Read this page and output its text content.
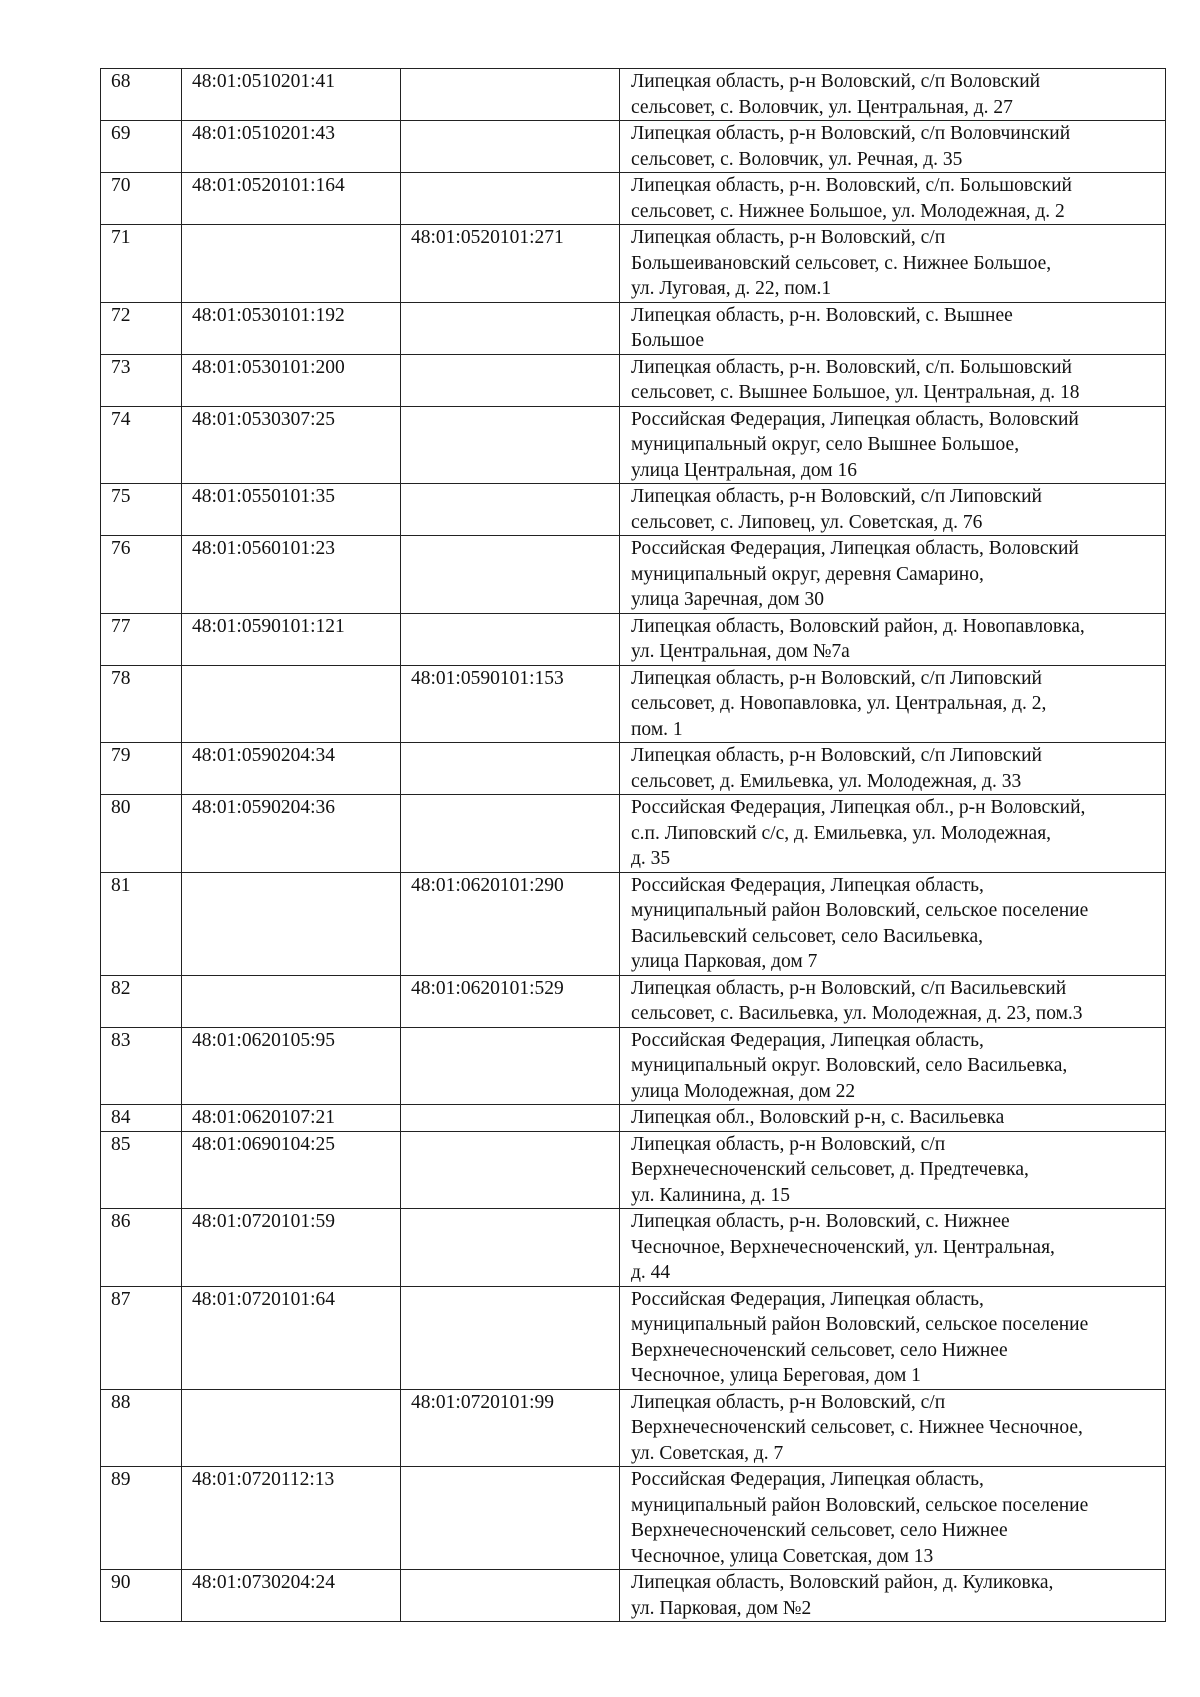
68	48:01:0510201:41		Липецкая область, р-н Воловский, с/п Воловский
сельсовет, с. Воловчик, ул. Центральная, д. 27

69	48:01:0510201:43		Липецкая область, р-н Воловский, с/п Воловчинский
сельсовет, с. Воловчик, ул. Речная, д. 35

70	48:01:0520101:164		Липецкая область, р-н. Воловский, с/п. Большовский
сельсовет, с. Нижнее Большое, ул. Молодежная, д. 2

71		48:01:0520101:271	Липецкая область, р-н Воловский, с/п
Большеивановский сельсовет, с. Нижнее Большое,
ул. Луговая, д. 22, пом.1

72	48:01:0530101:192		Липецкая область, р-н. Воловский, с. Вышнее
Большое

73	48:01:0530101:200		Липецкая область, р-н. Воловский, с/п. Большовский
сельсовет, с. Вышнее Большое, ул. Центральная, д. 18

74	48:01:0530307:25		Российская Федерация, Липецкая область, Воловский
муниципальный округ, село Вышнее Большое,
улица Центральная, дом 16

75	48:01:0550101:35		Липецкая область, р-н Воловский, с/п Липовский
сельсовет, с. Липовец, ул. Советская, д. 76

76	48:01:0560101:23		Российская Федерация, Липецкая область, Воловский
муниципальный округ, деревня Самарино,
улица Заречная, дом 30

77	48:01:0590101:121		Липецкая область, Воловский район, д. Новопавловка,
ул. Центральная, дом №7а

78		48:01:0590101:153	Липецкая область, р-н Воловский, с/п Липовский
сельсовет, д. Новопавловка, ул. Центральная, д. 2,
пом. 1

79	48:01:0590204:34		Липецкая область, р-н Воловский, с/п Липовский
сельсовет, д. Емильевка, ул. Молодежная, д. 33

80	48:01:0590204:36		Российская Федерация, Липецкая обл., р-н Воловский,
с.п. Липовский с/с, д. Емильевка, ул. Молодежная,
д. 35

81		48:01:0620101:290	Российская Федерация, Липецкая область,
муниципальный район Воловский, сельское поселение
Васильевский сельсовет, село Васильевка,
улица Парковая, дом 7

82		48:01:0620101:529	Липецкая область, р-н Воловский, с/п Васильевский
сельсовет, с. Васильевка, ул. Молодежная, д. 23, пом.3

83	48:01:0620105:95		Российская Федерация, Липецкая область,
муниципальный округ. Воловский, село Васильевка,
улица Молодежная, дом 22

84	48:01:0620107:21		Липецкая обл., Воловский р-н, с. Васильевка

85	48:01:0690104:25		Липецкая область, р-н Воловский, с/п
Верхнечесноченский сельсовет, д. Предтечевка,
ул. Калинина, д. 15

86	48:01:0720101:59		Липецкая область, р-н. Воловский, с. Нижнее
Чесночное, Верхнечесноченский, ул. Центральная,
д. 44

87	48:01:0720101:64		Российская Федерация, Липецкая область,
муниципальный район Воловский, сельское поселение
Верхнечесноченский сельсовет, село Нижнее
Чесночное, улица Береговая, дом 1

88		48:01:0720101:99	Липецкая область, р-н Воловский, с/п
Верхнечесноченский сельсовет, с. Нижнее Чесночное,
ул. Советская, д. 7

89	48:01:0720112:13		Российская Федерация, Липецкая область,
муниципальный район Воловский, сельское поселение
Верхнечесноченский сельсовет, село Нижнее
Чесночное, улица Советская, дом 13

90	48:01:0730204:24		Липецкая область, Воловский район, д. Куликовка,
ул. Парковая, дом №2
